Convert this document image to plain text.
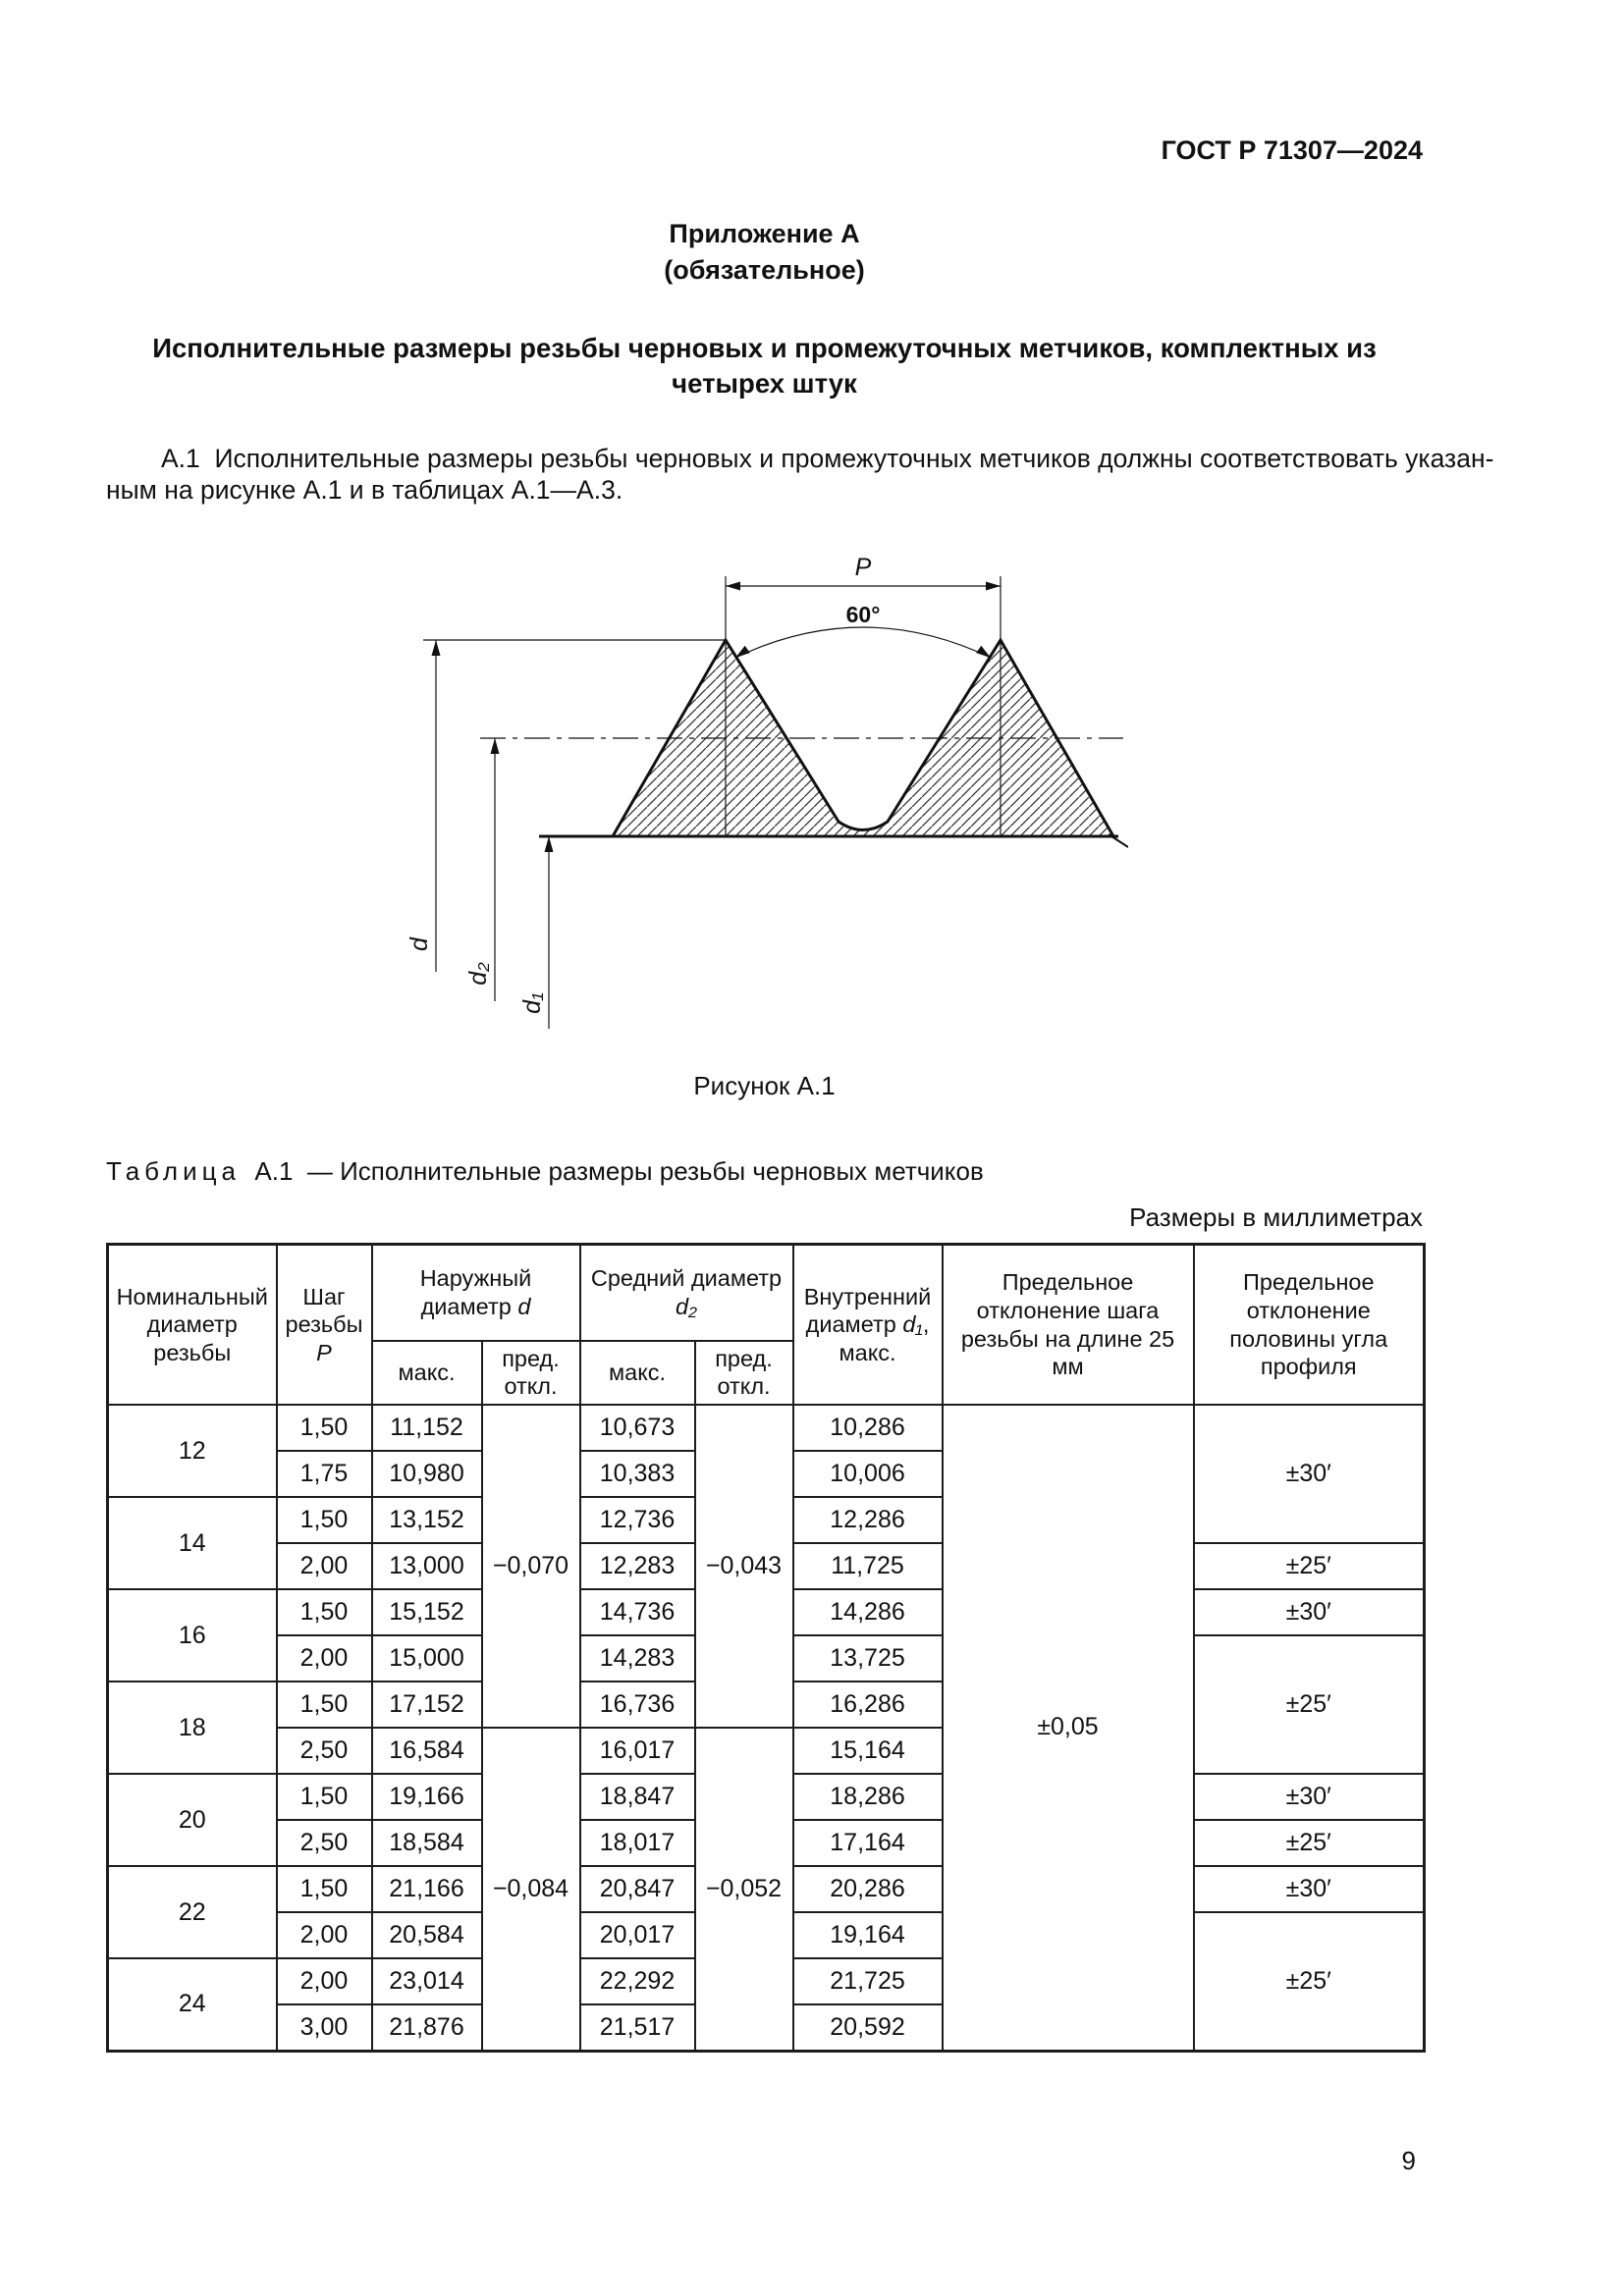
ГОСТ Р 71307—2024
Приложение А
(обязательное)
Исполнительные размеры резьбы черновых и промежуточных метчиков, комплектных из
четырех штук
А.1  Исполнительные размеры резьбы черновых и промежуточных метчиков должны соответствовать указан-
ным на рисунке А.1 и в таблицах А.1—А.3.
P
60°
d
d₂
d₁
Рисунок А.1
Таблица А.1 — Исполнительные размеры резьбы черновых метчиков
Размеры в миллиметрах
Номинальный диаметр резьбы	Шаг резьбы P	Наружный диаметр d		Средний диаметр d₂		Внутренний диаметр d₁, макс.	Предельное отклонение шага резьбы на длине 25 мм	Предельное отклонение половины угла профиля
		макс.	пред. откл.	макс.	пред. откл.			
12	1,50	11,152	−0,070	10,673	−0,043	10,286	±0,05	±30′
	1,75	10,980		10,383		10,006		
14	1,50	13,152		12,736		12,286		
	2,00	13,000		12,283		11,725		±25′
16	1,50	15,152		14,736		14,286		±30′
	2,00	15,000		14,283		13,725		±25′
18	1,50	17,152		16,736		16,286		
	2,50	16,584	−0,084	16,017	−0,052	15,164		
20	1,50	19,166		18,847		18,286		±30′
	2,50	18,584		18,017		17,164		±25′
22	1,50	21,166		20,847		20,286		±30′
	2,00	20,584		20,017		19,164		±25′
24	2,00	23,014		22,292		21,725		
	3,00	21,876		21,517		20,592		
9
